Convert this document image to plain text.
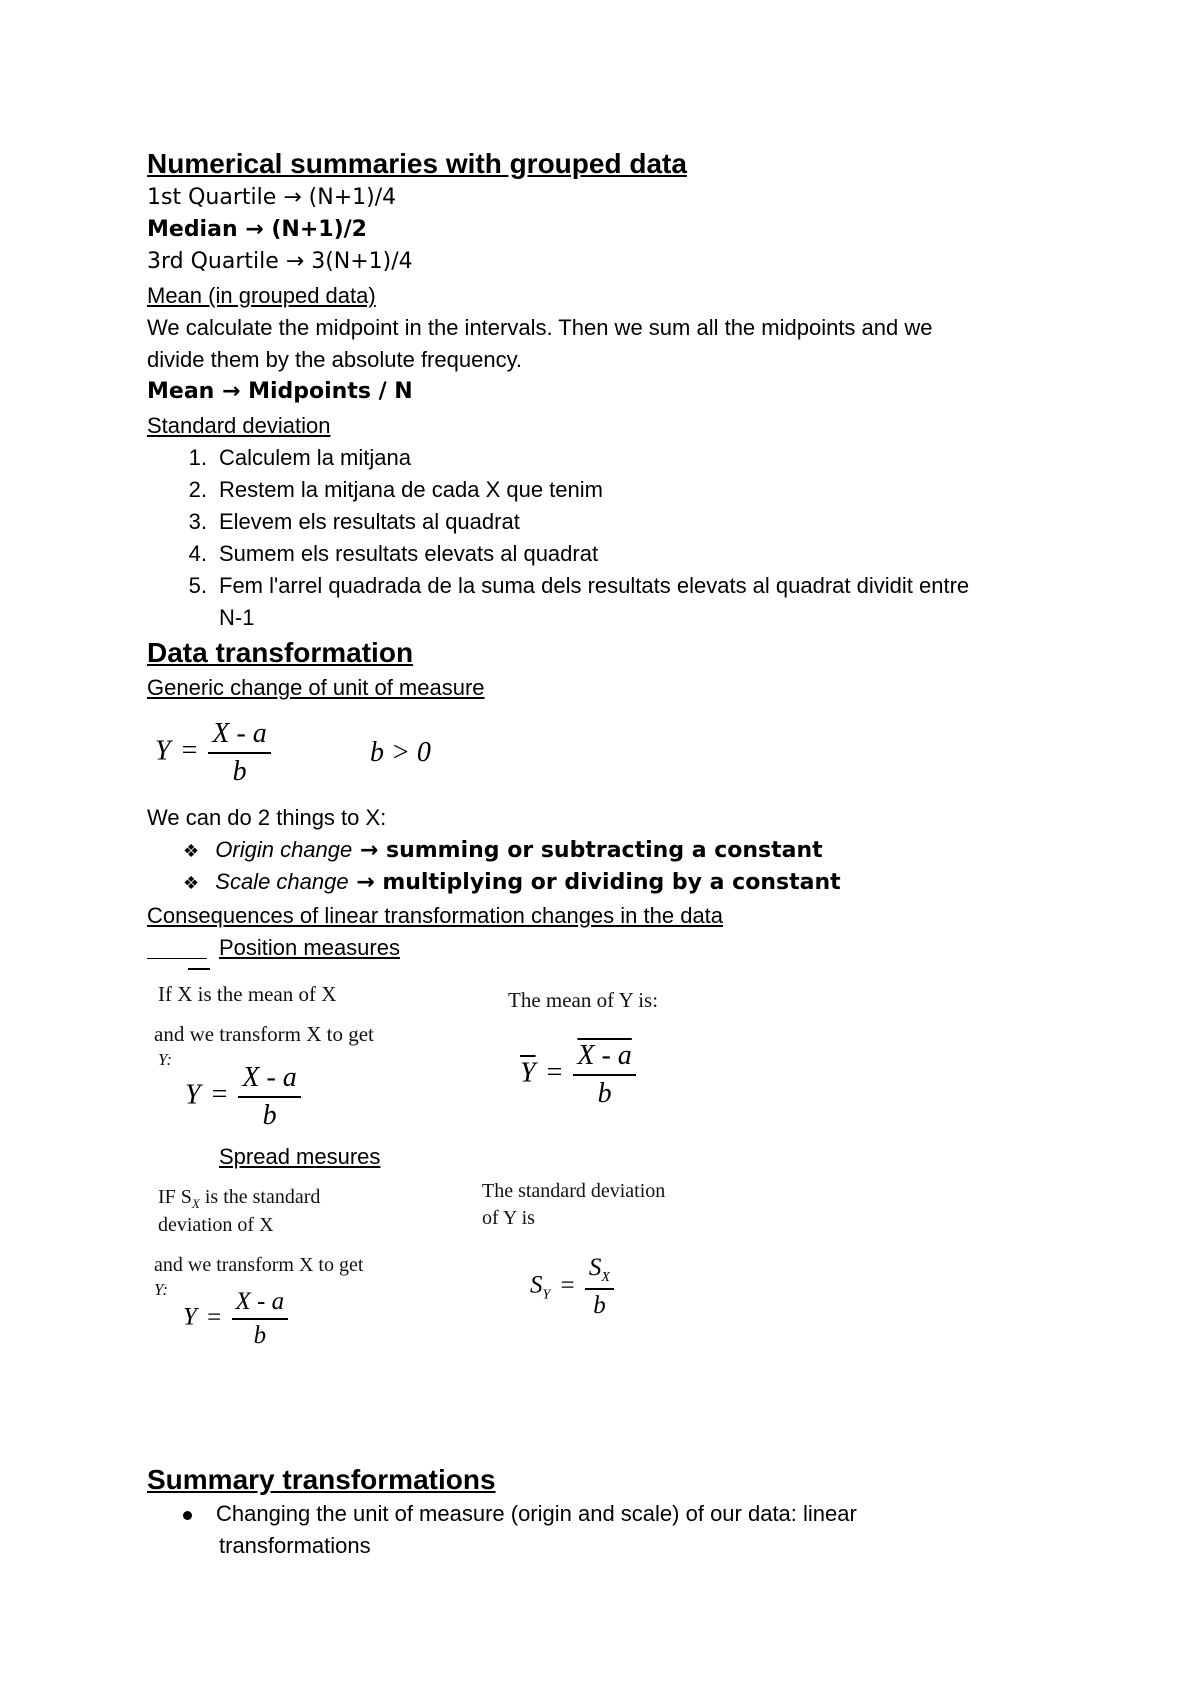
Numerical summaries with grouped data
1st Quartile → (N+1)/4
Median → (N+1)/2
3rd Quartile → 3(N+1)/4
Mean (in grouped data)
We calculate the midpoint in the intervals. Then we sum all the midpoints and we
divide them by the absolute frequency.
Mean → Midpoints / N
Standard deviation
1. Calculem la mitjana
2. Restem la mitjana de cada X que tenim
3. Elevem els resultats al quadrat
4. Sumem els resultats elevats al quadrat
5. Fem l'arrel quadrada de la suma dels resultats elevats al quadrat dividit entre
N-1
Data transformation
Generic change of unit of measure
$Y = \frac{X - a}{b}$	b > 0
We can do 2 things to X:
❖ Origin change → summing or subtracting a constant
❖ Scale change → multiplying or dividing by a constant
Consequences of linear transformation changes in the data
Position measures
If X is the mean of X
and we transform X to get
Y:
$Y = \frac{X - a}{b}$
The mean of Y is:
$\overline{Y} = \frac{X - a}{b}$
Spread mesures
IF $S_X$ is the standard
deviation of X
and we transform X to get
Y:
$Y = \frac{X - a}{b}$
The standard deviation
of Y is
$S_Y = \frac{S_X}{b}$
Summary transformations
Changing the unit of measure (origin and scale) of our data: linear
transformations
